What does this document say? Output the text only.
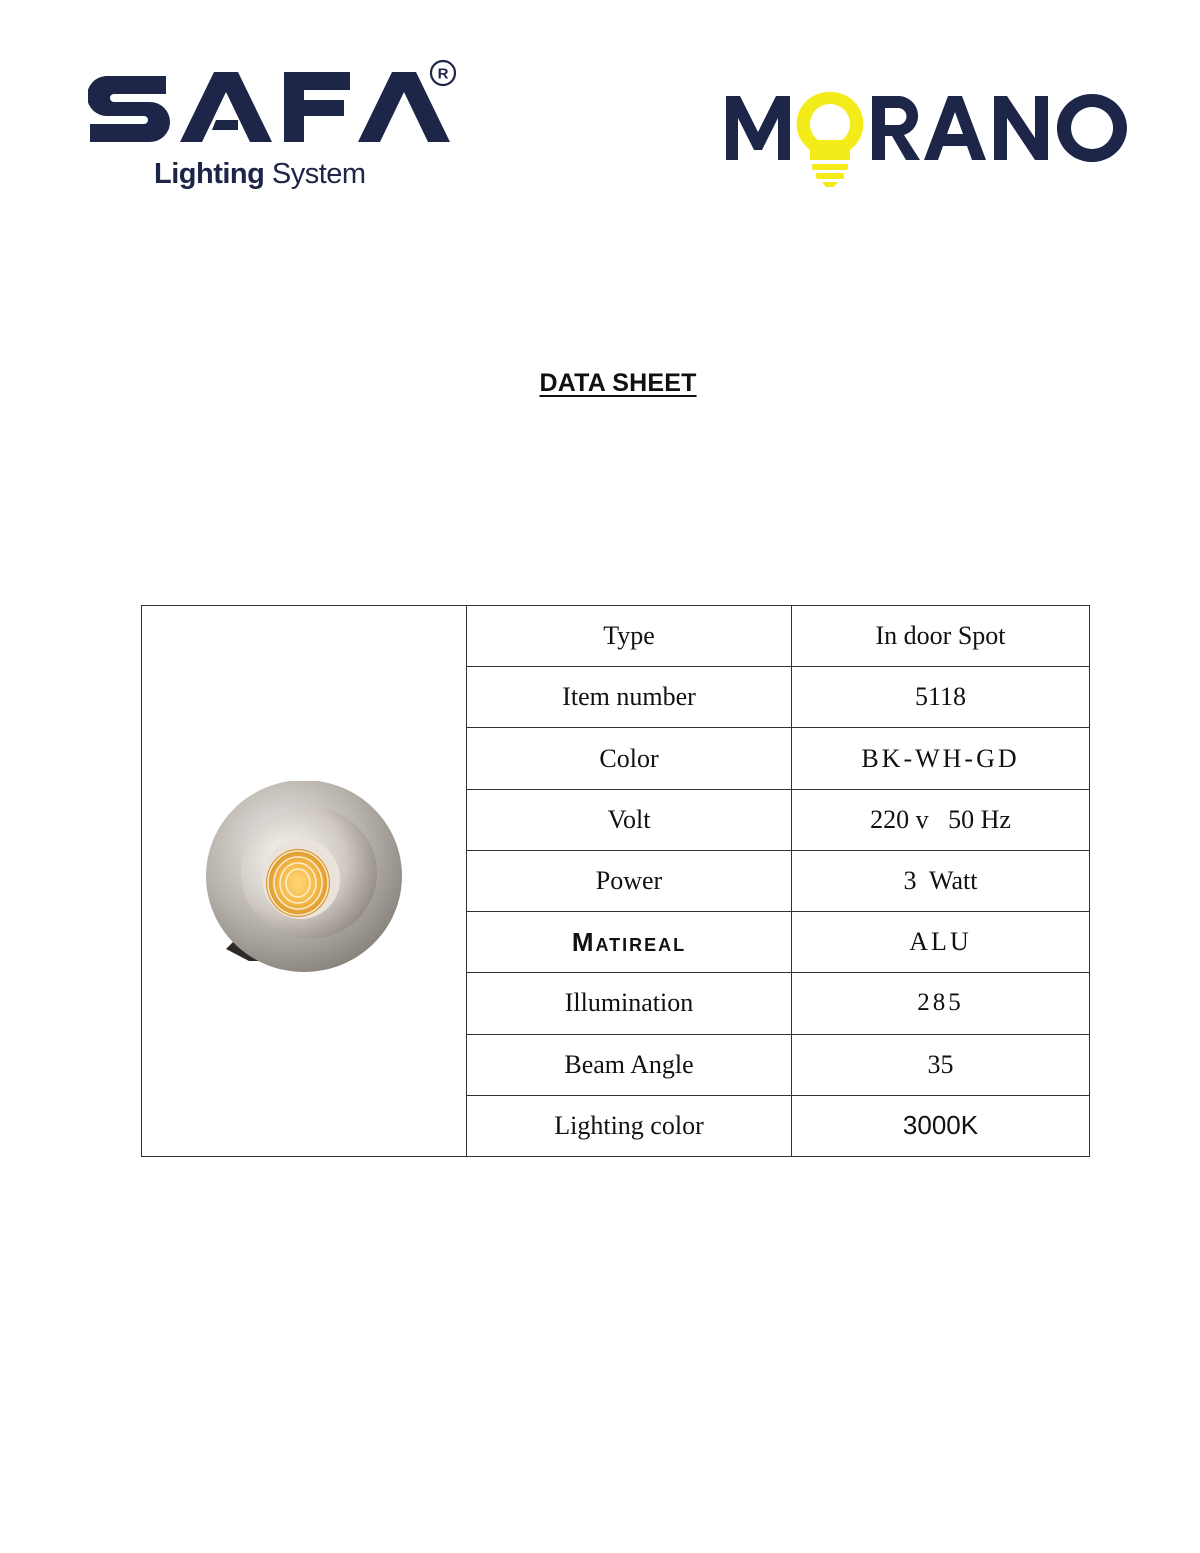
R
Lighting System
DATA SHEET
	Type	In door Spot
	Item number	5118
	Color	BK-WH-GD
	Volt	220 v   50 Hz
	Power	3  Watt
	Matireal	ALU
	Illumination	285
	Beam Angle	35
	Lighting color	3000K
